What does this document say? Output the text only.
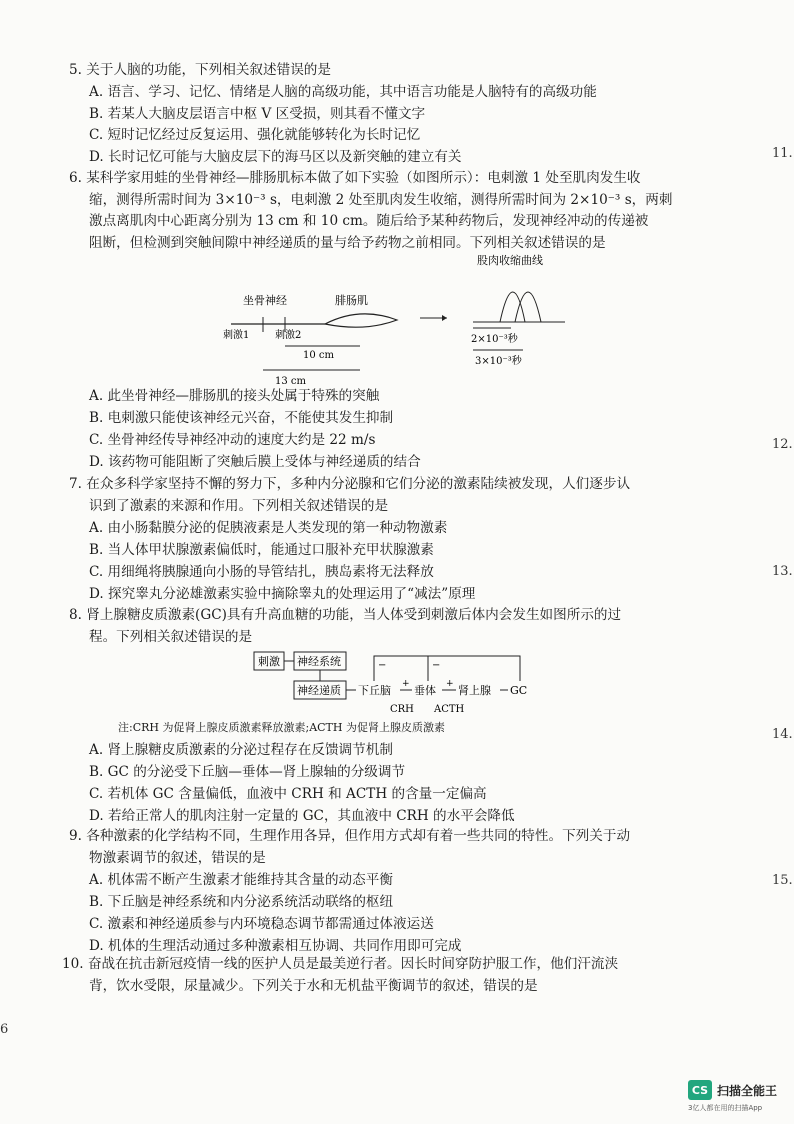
5. 关于人脑的功能，下列相关叙述错误的是
A. 语言、学习、记忆、情绪是人脑的高级功能，其中语言功能是人脑特有的高级功能
B. 若某人大脑皮层语言中枢 V 区受损，则其看不懂文字
C. 短时记忆经过反复运用、强化就能够转化为长时记忆
D. 长时记忆可能与大脑皮层下的海马区以及新突触的建立有关
6. 某科学家用蛙的坐骨神经—腓肠肌标本做了如下实验（如图所示）：电刺激 1 处至肌肉发生收
缩，测得所需时间为 3×10⁻³ s，电刺激 2 处至肌肉发生收缩，测得所需时间为 2×10⁻³ s，两刺
激点离肌肉中心距离分别为 13 cm 和 10 cm。随后给予某种药物后，发现神经冲动的传递被
阻断，但检测到突触间隙中神经递质的量与给予药物之前相同。下列相关叙述错误的是
坐骨神经	腓肠肌
刺激1	刺激2
10 cm
13 cm
股肉收缩曲线
2×10⁻³秒
3×10⁻³秒
A. 此坐骨神经—腓肠肌的接头处属于特殊的突触
B. 电刺激只能使该神经元兴奋，不能使其发生抑制
C. 坐骨神经传导神经冲动的速度大约是 22 m/s
D. 该药物可能阻断了突触后膜上受体与神经递质的结合
7. 在众多科学家坚持不懈的努力下，多种内分泌腺和它们分泌的激素陆续被发现，人们逐步认
识到了激素的来源和作用。下列相关叙述错误的是
A. 由小肠黏膜分泌的促胰液素是人类发现的第一种动物激素
B. 当人体甲状腺激素偏低时，能通过口服补充甲状腺激素
C. 用细绳将胰腺通向小肠的导管结扎，胰岛素将无法释放
D. 探究睾丸分泌雄激素实验中摘除睾丸的处理运用了“减法”原理
8. 肾上腺糖皮质激素(GC)具有升高血糖的功能，当人体受到刺激后体内会发生如图所示的过
程。下列相关叙述错误的是
刺激 神经系统
神经递质 下丘脑 + 垂体 + 肾上腺 GC
CRH ACTH
−	−
注:CRH 为促肾上腺皮质激素释放激素;ACTH 为促肾上腺皮质激素
A. 肾上腺糖皮质激素的分泌过程存在反馈调节机制
B. GC 的分泌受下丘脑—垂体—肾上腺轴的分级调节
C. 若机体 GC 含量偏低，血液中 CRH 和 ACTH 的含量一定偏高
D. 若给正常人的肌肉注射一定量的 GC，其血液中 CRH 的水平会降低
9. 各种激素的化学结构不同，生理作用各异，但作用方式却有着一些共同的特性。下列关于动
物激素调节的叙述，错误的是
A. 机体需不断产生激素才能维持其含量的动态平衡
B. 下丘脑是神经系统和内分泌系统活动联络的枢纽
C. 激素和神经递质参与内环境稳态调节都需通过体液运送
D. 机体的生理活动通过多种激素相互协调、共同作用即可完成
10. 奋战在抗击新冠疫情一线的医护人员是最美逆行者。因长时间穿防护服工作，他们汗流浃
背，饮水受限，尿量减少。下列关于水和无机盐平衡调节的叙述，错误的是
11.
12.
13.
14.
15.
6
CS 扫描全能王
3亿人都在用的扫描App
